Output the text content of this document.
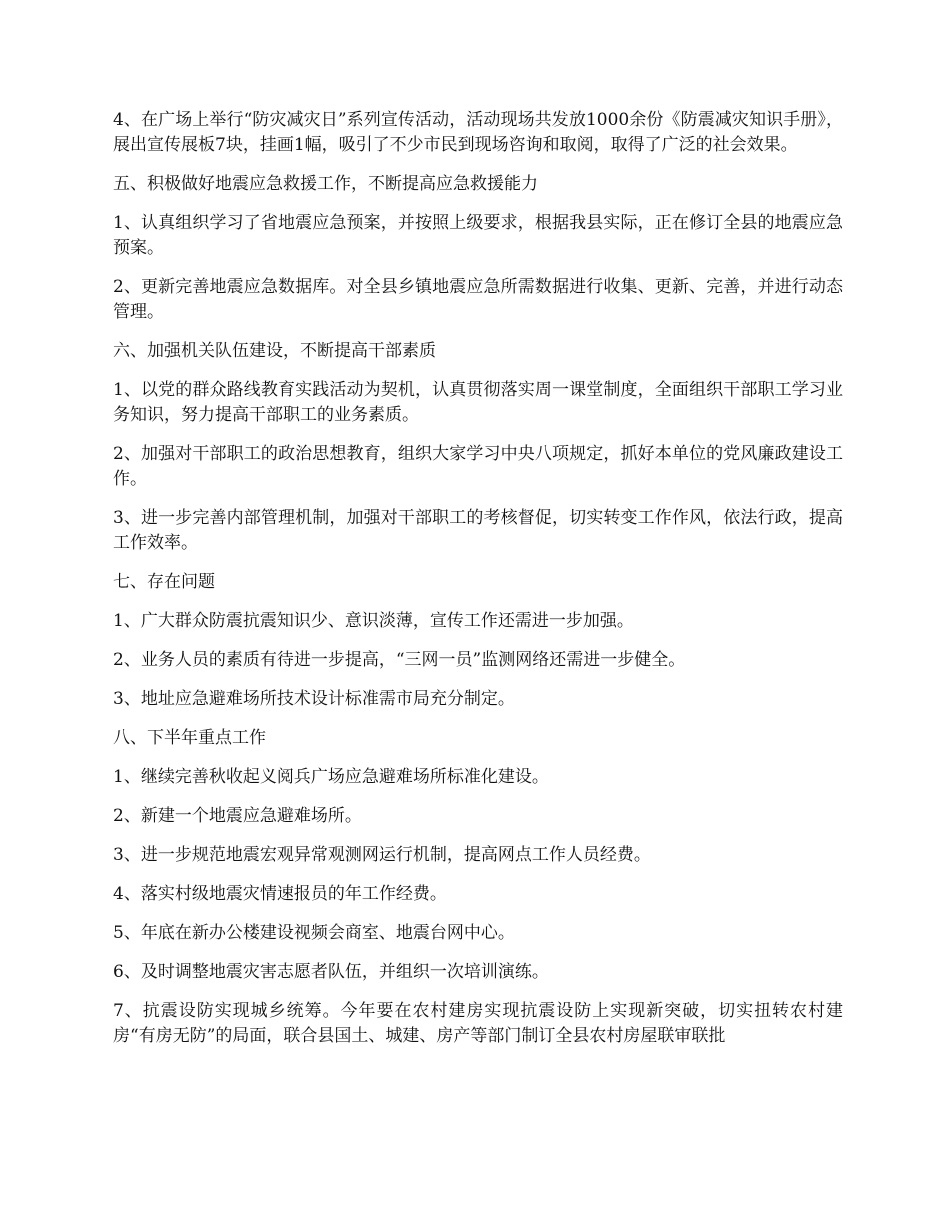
4、在广场上举行“防灾减灾日”系列宣传活动，活动现场共发放1000余份《防震减灾知识手册》，展出宣传展板7块，挂画1幅，吸引了不少市民到现场咨询和取阅，取得了广泛的社会效果。

五、积极做好地震应急救援工作，不断提高应急救援能力

1、认真组织学习了省地震应急预案，并按照上级要求，根据我县实际，正在修订全县的地震应急预案。

2、更新完善地震应急数据库。对全县乡镇地震应急所需数据进行收集、更新、完善，并进行动态管理。

六、加强机关队伍建设，不断提高干部素质

1、以党的群众路线教育实践活动为契机，认真贯彻落实周一课堂制度，全面组织干部职工学习业务知识，努力提高干部职工的业务素质。

2、加强对干部职工的政治思想教育，组织大家学习中央八项规定，抓好本单位的党风廉政建设工作。

3、进一步完善内部管理机制，加强对干部职工的考核督促，切实转变工作作风，依法行政，提高工作效率。

七、存在问题

1、广大群众防震抗震知识少、意识淡薄，宣传工作还需进一步加强。

2、业务人员的素质有待进一步提高，“三网一员”监测网络还需进一步健全。

3、地址应急避难场所技术设计标准需市局充分制定。

八、下半年重点工作

1、继续完善秋收起义阅兵广场应急避难场所标准化建设。

2、新建一个地震应急避难场所。

3、进一步规范地震宏观异常观测网运行机制，提高网点工作人员经费。

4、落实村级地震灾情速报员的年工作经费。

5、年底在新办公楼建设视频会商室、地震台网中心。

6、及时调整地震灾害志愿者队伍，并组织一次培训演练。

7、抗震设防实现城乡统筹。今年要在农村建房实现抗震设防上实现新突破，切实扭转农村建房“有房无防”的局面，联合县国土、城建、房产等部门制订全县农村房屋联审联批
